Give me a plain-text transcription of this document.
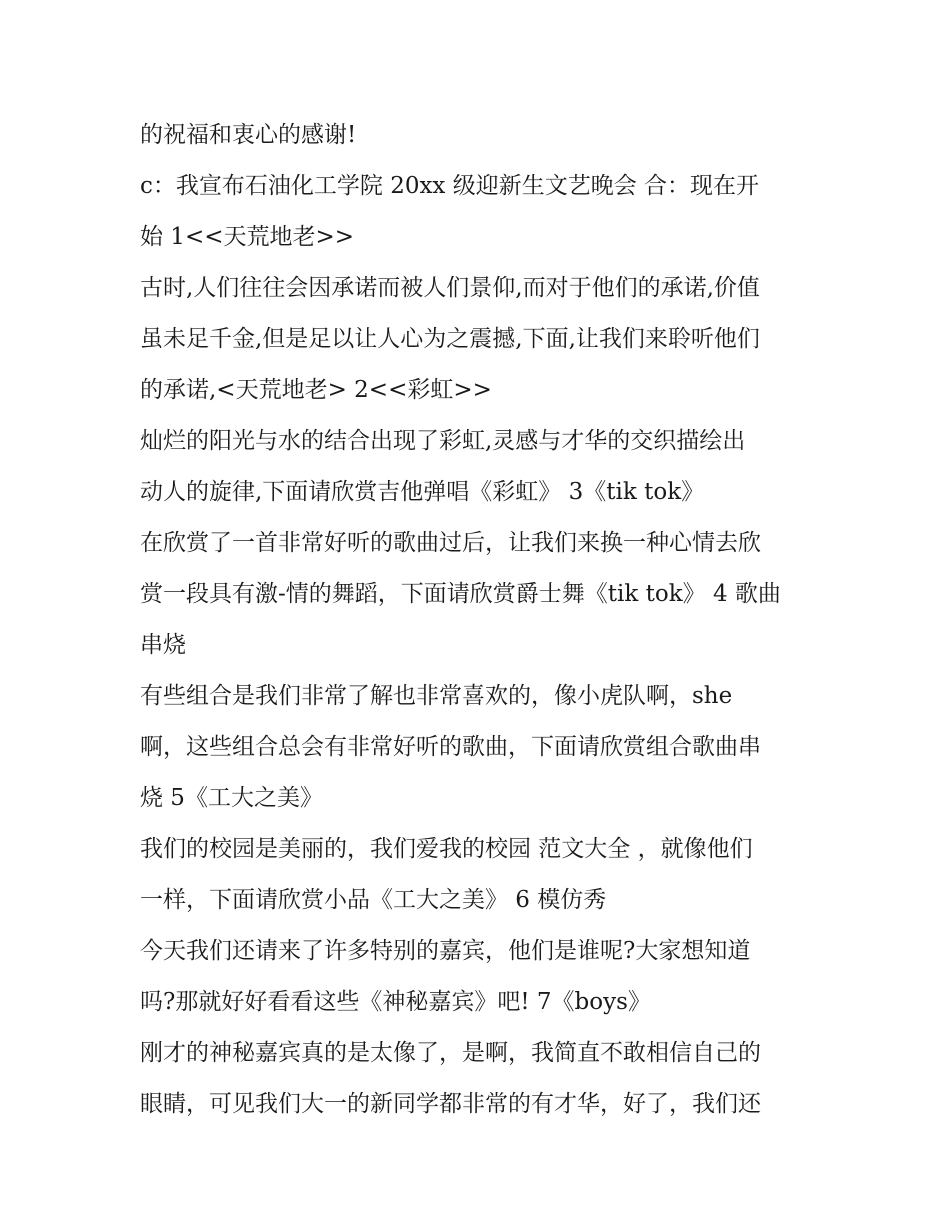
的祝福和衷心的感谢!
c：我宣布石油化工学院 20xx 级迎新生文艺晚会 合：现在开
始 1<<天荒地老>>
古时,人们往往会因承诺而被人们景仰,而对于他们的承诺,价值
虽未足千金,但是足以让人心为之震撼,下面,让我们来聆听他们
的承诺,<天荒地老> 2<<彩虹>>
灿烂的阳光与水的结合出现了彩虹,灵感与才华的交织描绘出
动人的旋律,下面请欣赏吉他弹唱《彩虹》 3《tik tok》
在欣赏了一首非常好听的歌曲过后，让我们来换一种心情去欣
赏一段具有激-情的舞蹈，下面请欣赏爵士舞《tik tok》 4 歌曲
串烧
有些组合是我们非常了解也非常喜欢的，像小虎队啊，she
啊，这些组合总会有非常好听的歌曲，下面请欣赏组合歌曲串
烧 5《工大之美》
我们的校园是美丽的，我们爱我的校园 范文大全 ，就像他们
一样，下面请欣赏小品《工大之美》 6 模仿秀
今天我们还请来了许多特别的嘉宾，他们是谁呢?大家想知道
吗?那就好好看看这些《神秘嘉宾》吧! 7《boys》
刚才的神秘嘉宾真的是太像了，是啊，我简直不敢相信自己的
眼睛，可见我们大一的新同学都非常的有才华，好了，我们还
